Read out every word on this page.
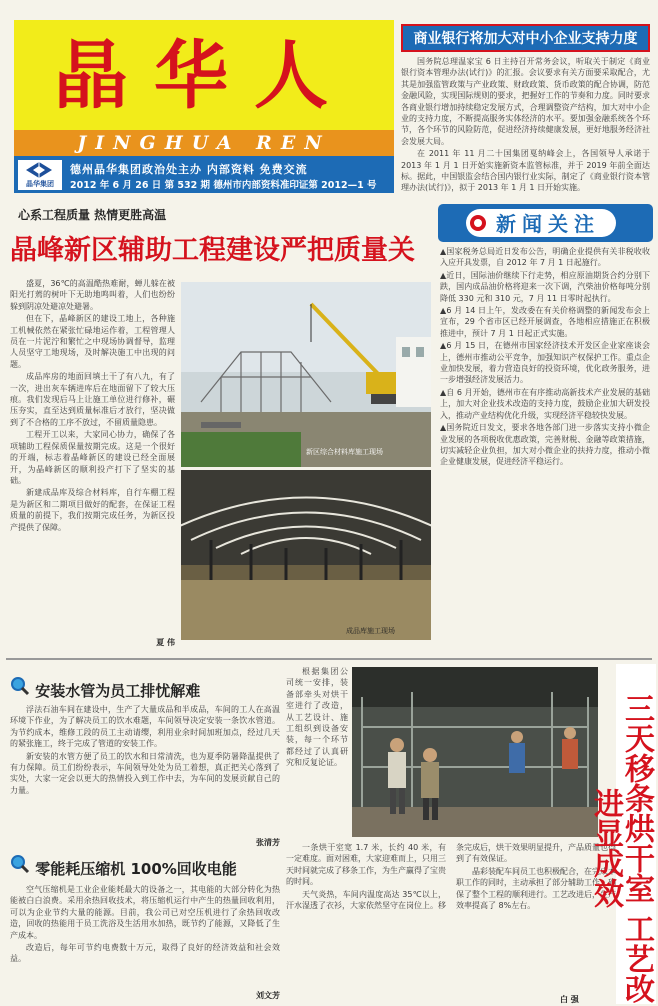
晶华人
JINGHUA REN
晶华集团
德州晶华集团政治处主办 内部资料 免费交流
2012 年 6 月 26 日 第 532 期 德州市内部资料准印证第 2012—1 号
商业银行将加大对中小企业支持力度

国务院总理温家宝 6 日主持召开常务会议，听取关于制定《商业银行资本管理办法(试行)》的汇报。会议要求有关方面要采取配合，尤其是加强监管政策与产业政策、财政政策、货币政策的配合协调，防范金融风险，实现国际规则的要求，把握好工作的节奏和力度。同时要求各商业银行增加持续稳定发展方式，合理调整资产结构，加大对中小企业的支持力度，不断提高服务实体经济的水平。要加强金融系统各个环节，各个环节的风险防范，促进经济持续健康发展，更好地服务经济社会发展大局。

在 2011 年 11 月二十国集团戛纳峰会上，各国领导人承诺于 2013 年 1 月 1 日开始实施新资本监管标准，并于 2019 年前全面达标。据此，中国银监会结合国内银行业实际，制定了《商业银行资本管理办法(试行)》，拟于 2013 年 1 月 1 日开始实施。

心系工程质量 热情更胜高温
晶峰新区辅助工程建设严把质量关

盛夏，36℃的高温酷热难耐，蝉儿躲在被阳光打蔫的树叶下无助地鸣叫着，人们也纷纷躲到阴凉处避凉处避暑。

但在下，晶峰新区的建设工地上，各种施工机械依然在紧张忙碌地运作着，工程管理人员在一片泥泞和繁忙之中现场协调督导，监理人员坚守工地现场，及时解决施工中出现的问题。

成品库房的地面回填土干了有八九，有了一次，进出灰车辆进库后在地面留下了较大压痕。我们发现后马上让施工单位进行修补，碾压夯实，直至达到质量标准后才放行，坚决做到了不合格的工序不放过，不留质量隐患。

工程开工以来，大家同心协力，确保了各项辅助工程保质保量按期完成。这是一个很好的开端，标志着晶峰新区的建设已经全面展开，为晶峰新区的顺利投产打下了坚实的基础。

新建成品库及综合材料库，自行车棚工程是为新区和二期项目做好的配套，在保证工程质量的前提下，我们按期完成任务，为新区投产提供了保障。

夏 伟
新区综合材料库施工现场
成品库施工现场
新闻关注

▲国家税务总局近日发布公告，明确企业提供有关非税收收入应开具发票，自 2012 年 7 月 1 日起施行。

▲近日，国际油价继续下行走势，相应原油期货合约分别下跌，国内成品油价格将迎来一次下调，汽柴油价格每吨分别降低 330 元和 310 元，7 月 11 日零时起执行。

▲6 月 14 日上午，发改委在有关价格调整的新闻发布会上宣布，29 个省市区已经开展调查，各地相应措施正在积极推进中，预计 7 月 1 日起正式实施。

▲6 月 15 日，在德州市国家经济技术开发区企业家座谈会上，德州市推动公平竞争，加强知识产权保护工作。重点企业加快发展，着力营造良好的投资环境，优化政务服务，进一步增强经济发展活力。

▲自 6 月开始，德州市在有序推动高新技术产业发展的基础上，加大对企业技术改造的支持力度，鼓励企业加大研发投入，推动产业结构优化升级，实现经济平稳较快发展。

▲国务院近日发文，要求各地各部门进一步落实支持小微企业发展的各项税收优惠政策，完善财税、金融等政策措施，切实减轻企业负担，加大对小微企业的扶持力度，推动小微企业健康发展，促进经济平稳运行。

安装水管为员工排忧解难

浮法石油车间在建设中，生产了大量成品和半成品，车间的工人在高温环境下作业，为了解决员工的饮水难题，车间领导决定安装一条饮水管道。为节约成本，维修工段的员工主动请缨，利用业余时间加班加点，经过几天的紧张施工，终于完成了管道的安装工作。

新安装的水管方便了员工的饮水和日常清洗，也为夏季防暑降温提供了有力保障。员工们纷纷表示，车间领导处处为员工着想，真正把关心落到了实处，大家一定会以更大的热情投入到工作中去，为车间的发展贡献自己的力量。

张清芳
零能耗压缩机 100%回收电能

空气压缩机是工业企业能耗最大的设备之一，其电能的大部分转化为热能被白白浪费。采用余热回收技术，将压缩机运行中产生的热量回收利用，可以为企业节约大量的能源。目前，我公司已对空压机进行了余热回收改造，回收的热能用于员工洗浴及生活用水加热，既节约了能源，又降低了生产成本。

改造后，每年可节约电费数十万元，取得了良好的经济效益和社会效益。

刘文芳

根据集团公司统一安排，装备部牵头对烘干室进行了改造，从工艺设计、施工组织到设备安装，每一个环节都经过了认真研究和反复论证。

一条烘干室宽 1.7 米，长约 40 米，有一定难度。面对困难，大家迎难而上，只用三天时间就完成了移条工作，为生产赢得了宝贵的时间。

天气炎热，车间内温度高达 35℃以上，汗水湿透了衣衫，大家依然坚守在岗位上。移条完成后，烘干效果明显提升，产品质量也得到了有效保证。

晶彩装配车间员工也积极配合，在完成本职工作的同时，主动承担了部分辅助工作，确保了整个工程的顺利进行。工艺改进后，生产效率提高了 8%左右。

白 强 三天移条烘干室 工艺改进显成效
